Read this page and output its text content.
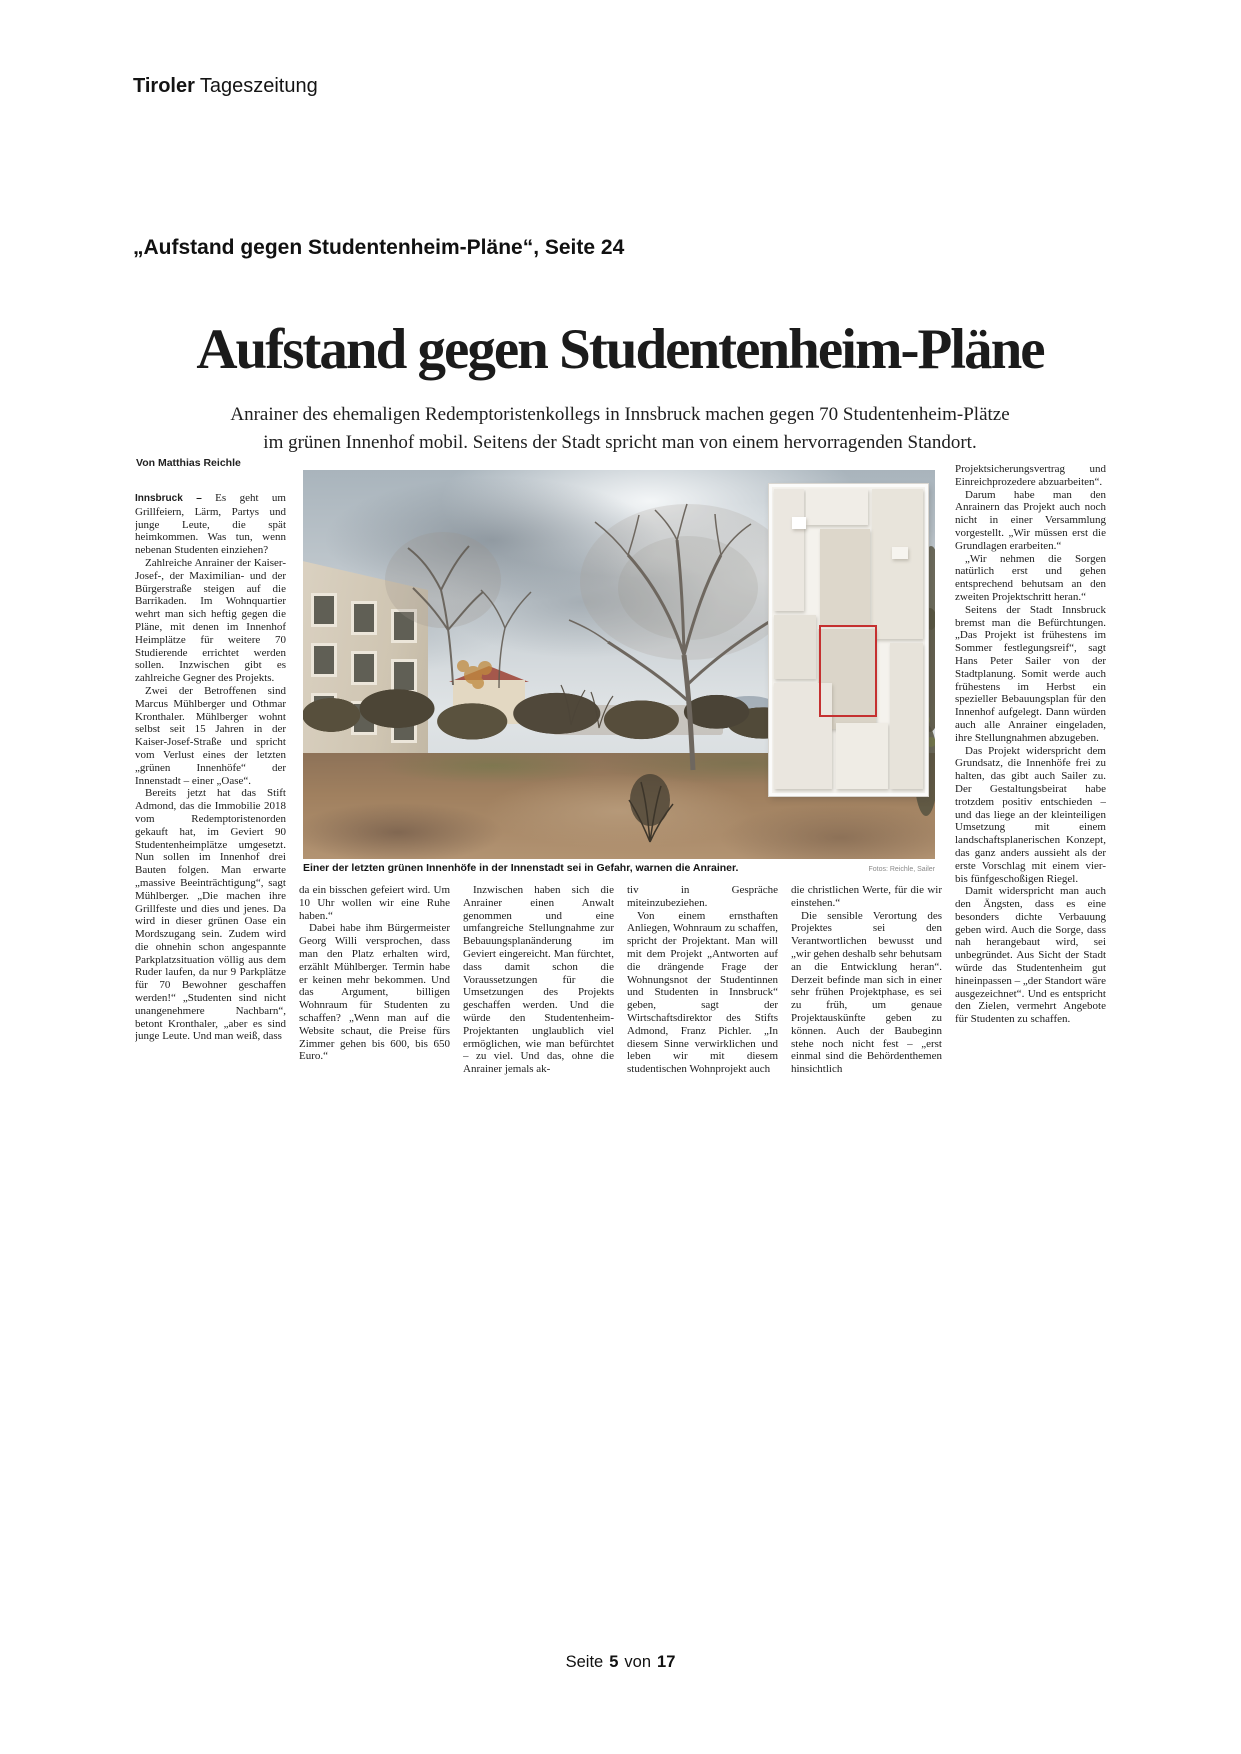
Tiroler Tageszeitung
„Aufstand gegen Studentenheim-Pläne“, Seite 24
Aufstand gegen Studentenheim-Pläne
Anrainer des ehemaligen Redemptoristenkollegs in Innsbruck machen gegen 70 Studentenheim-Plätze
im grünen Innenhof mobil. Seitens der Stadt spricht man von einem hervorragenden Standort.
Von Matthias Reichle

Innsbruck – Es geht um Grillfeiern, Lärm, Partys und junge Leute, die spät heimkommen. Was tun, wenn nebenan Studenten einziehen?

Zahlreiche Anrainer der Kaiser-Josef-, der Maximilian- und der Bürgerstraße steigen auf die Barrikaden. Im Wohnquartier wehrt man sich heftig gegen die Pläne, mit denen im Innenhof Heimplätze für weitere 70 Studierende errichtet werden sollen. Inzwischen gibt es zahlreiche Gegner des Projekts.

Zwei der Betroffenen sind Marcus Mühlberger und Othmar Kronthaler. Mühlberger wohnt selbst seit 15 Jahren in der Kaiser-Josef-Straße und spricht vom Verlust eines der letzten „grünen Innenhöfe“ der Innenstadt – einer „Oase“.

Bereits jetzt hat das Stift Admond, das die Immobilie 2018 vom Redemptoristenorden gekauft hat, im Geviert 90 Studentenheimplätze umgesetzt. Nun sollen im Innenhof drei Bauten folgen. Man erwarte „massive Beeinträchtigung“, sagt Mühlberger. „Die machen ihre Grillfeste und dies und jenes. Da wird in dieser grünen Oase ein Mordszugang sein. Zudem wird die ohnehin schon angespannte Parkplatzsituation völlig aus dem Ruder laufen, da nur 9 Parkplätze für 70 Bewohner geschaffen werden!“ „Studenten sind nicht unangenehmere Nachbarn“, betont Kronthaler, „aber es sind junge Leute. Und man weiß, dass

Einer der letzten grünen Innenhöfe in der Innenstadt sei in Gefahr, warnen die Anrainer.	Fotos: Reichle, Sailer

da ein bisschen gefeiert wird. Um 10 Uhr wollen wir eine Ruhe haben.“

Dabei habe ihm Bürgermeister Georg Willi versprochen, dass man den Platz erhalten wird, erzählt Mühlberger. Termin habe er keinen mehr bekommen. Und das Argument, billigen Wohnraum für Studenten zu schaffen? „Wenn man auf die Website schaut, die Preise fürs Zimmer gehen bis 600, bis 650 Euro.“

Inzwischen haben sich die Anrainer einen Anwalt genommen und eine umfangreiche Stellungnahme zur Bebauungsplanänderung im Geviert eingereicht. Man fürchtet, dass damit schon die Voraussetzungen für die Umsetzungen des Projekts geschaffen werden. Und die würde den Studentenheim-Projektanten unglaublich viel ermöglichen, wie man befürchtet – zu viel. Und das, ohne die Anrainer jemals ak-

tiv in Gespräche miteinzubeziehen.

Von einem ernsthaften Anliegen, Wohnraum zu schaffen, spricht der Projektant. Man will mit dem Projekt „Antworten auf die drängende Frage der Wohnungsnot der Studentinnen und Studenten in Innsbruck“ geben, sagt der Wirtschaftsdirektor des Stifts Admond, Franz Pichler. „In diesem Sinne verwirklichen und leben wir mit diesem studentischen Wohnprojekt auch

die christlichen Werte, für die wir einstehen.“

Die sensible Verortung des Projektes sei den Verantwortlichen bewusst und „wir gehen deshalb sehr behutsam an die Entwicklung heran“. Derzeit befinde man sich in einer sehr frühen Projektphase, es sei zu früh, um genaue Projektauskünfte geben zu können. Auch der Baubeginn stehe noch nicht fest – „erst einmal sind die Behördenthemen hinsichtlich

Projektsicherungsvertrag und Einreichprozedere abzuarbeiten“.

Darum habe man den Anrainern das Projekt auch noch nicht in einer Versammlung vorgestellt. „Wir müssen erst die Grundlagen erarbeiten.“

„Wir nehmen die Sorgen natürlich erst und gehen entsprechend behutsam an den zweiten Projektschritt heran.“

Seitens der Stadt Innsbruck bremst man die Befürchtungen. „Das Projekt ist frühestens im Sommer festlegungsreif“, sagt Hans Peter Sailer von der Stadtplanung. Somit werde auch frühestens im Herbst ein spezieller Bebauungsplan für den Innenhof aufgelegt. Dann würden auch alle Anrainer eingeladen, ihre Stellungnahmen abzugeben.

Das Projekt widerspricht dem Grundsatz, die Innenhöfe frei zu halten, das gibt auch Sailer zu. Der Gestaltungsbeirat habe trotzdem positiv entschieden – und das liege an der kleinteiligen Umsetzung mit einem landschaftsplanerischen Konzept, das ganz anders aussieht als der erste Vorschlag mit einem vier- bis fünfgeschoßigen Riegel.

Damit widerspricht man auch den Ängsten, dass es eine besonders dichte Verbauung geben wird. Auch die Sorge, dass nah herangebaut wird, sei unbegründet. Aus Sicht der Stadt würde das Studentenheim gut hineinpassen – „der Standort wäre ausgezeichnet“. Und es entspricht den Zielen, vermehrt Angebote für Studenten zu schaffen.

Seite 5 von 17
